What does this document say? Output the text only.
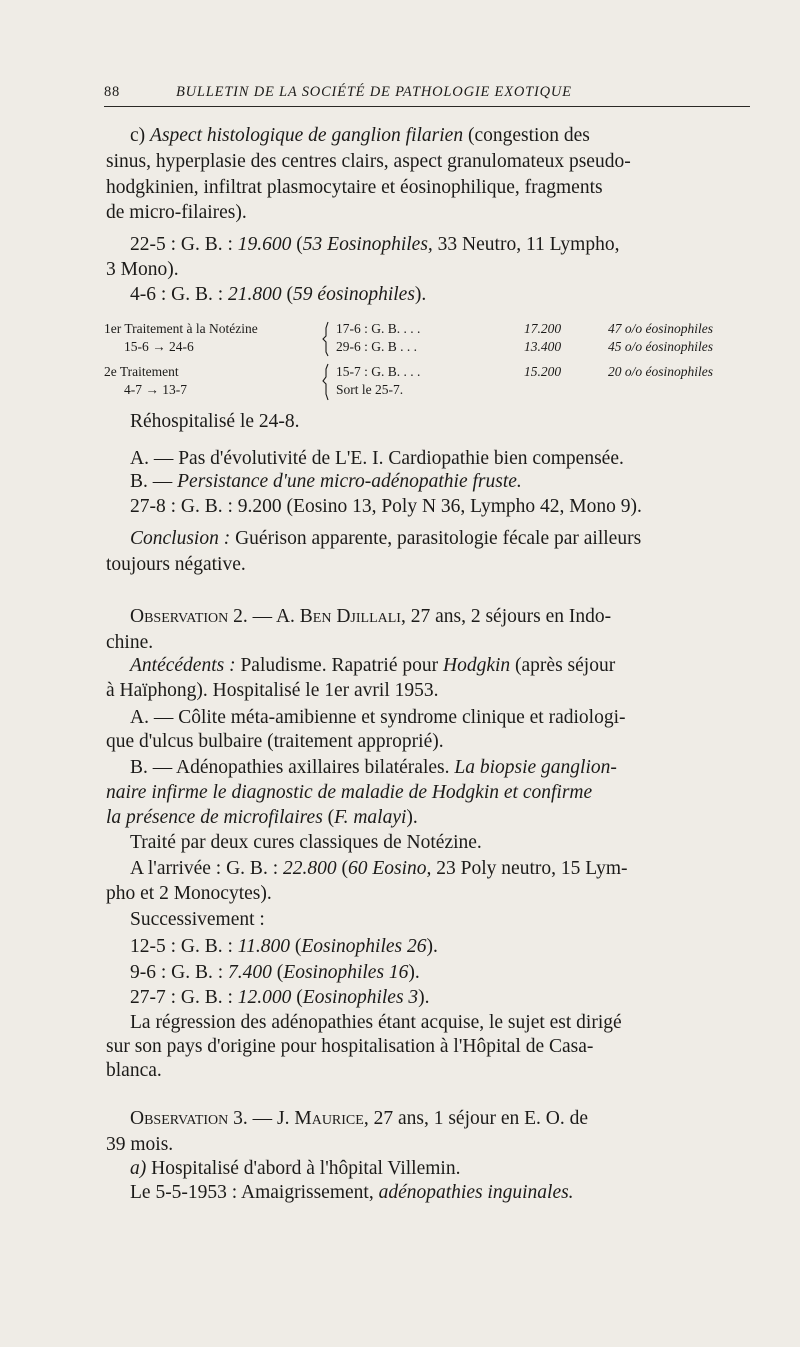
88	BULLETIN DE LA SOCIÉTÉ DE PATHOLOGIE EXOTIQUE
c) Aspect histologique de ganglion filarien (congestion des
sinus, hyperplasie des centres clairs, aspect granulomateux pseudo-
hodgkinien, infiltrat plasmocytaire et éosinophilique, fragments
de micro-filaires).
22-5 : G. B. : 19.600 (53 Eosinophiles, 33 Neutro, 11 Lympho,
3 Mono).
4-6 : G. B. : 21.800 (59 éosinophiles).
1er Traitement à la Notézine
15-6 → 24-6
2e Traitement
4-7 → 13-7
17-6 : G. B. . . .
29-6 : G. B . . .
15-7 : G. B. . . .
Sort le 25-7.
17.200
13.400
15.200
47 o/o éosinophiles
45 o/o éosinophiles
20 o/o éosinophiles
Réhospitalisé le 24-8.
A. — Pas d'évolutivité de L'E. I. Cardiopathie bien compensée.
B. — Persistance d'une micro-adénopathie fruste.
27-8 : G. B. : 9.200 (Eosino 13, Poly N 36, Lympho 42, Mono 9).
Conclusion : Guérison apparente, parasitologie fécale par ailleurs
toujours négative.
Observation 2. — A. Ben Djillali, 27 ans, 2 séjours en Indo-
chine.
Antécédents : Paludisme. Rapatrié pour Hodgkin (après séjour
à Haïphong). Hospitalisé le 1er avril 1953.
A. — Côlite méta-amibienne et syndrome clinique et radiologi-
que d'ulcus bulbaire (traitement approprié).
B. — Adénopathies axillaires bilatérales. La biopsie ganglion-
naire infirme le diagnostic de maladie de Hodgkin et confirme
la présence de microfilaires (F. malayi).
Traité par deux cures classiques de Notézine.
A l'arrivée : G. B. : 22.800 (60 Eosino, 23 Poly neutro, 15 Lym-
pho et 2 Monocytes).
Successivement :
12-5 : G. B. : 11.800 (Eosinophiles 26).
9-6 : G. B. : 7.400 (Eosinophiles 16).
27-7 : G. B. : 12.000 (Eosinophiles 3).
La régression des adénopathies étant acquise, le sujet est dirigé
sur son pays d'origine pour hospitalisation à l'Hôpital de Casa-
blanca.
Observation 3. — J. Maurice, 27 ans, 1 séjour en E. O. de
39 mois.
a) Hospitalisé d'abord à l'hôpital Villemin.
Le 5-5-1953 : Amaigrissement, adénopathies inguinales.
